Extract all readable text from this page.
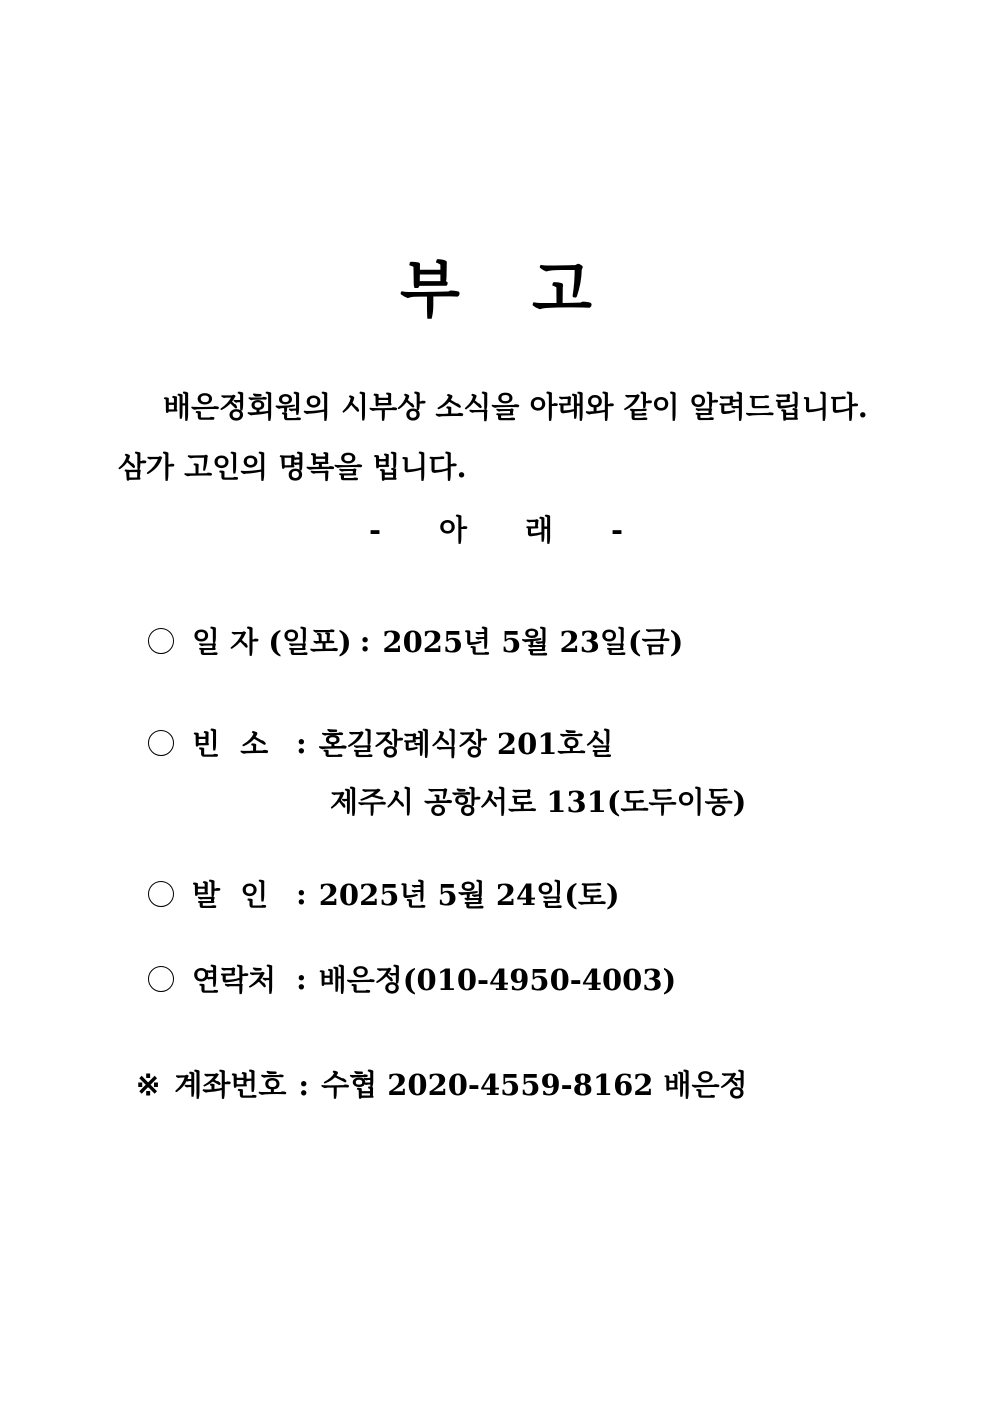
부 고
배은정회원의 시부상 소식을 아래와 같이 알려드립니다.
삼가 고인의 명복을 빕니다.
- 아 래 -
일 자 (일포) : 2025년 5월 23일(금)
빈  소 : 혼길장례식장 201호실
제주시 공항서로 131(도두이동)
발  인 : 2025년 5월 24일(토)
연락처 : 배은정(010-4950-4003)
※ 계좌번호 : 수협 2020-4559-8162 배은정
